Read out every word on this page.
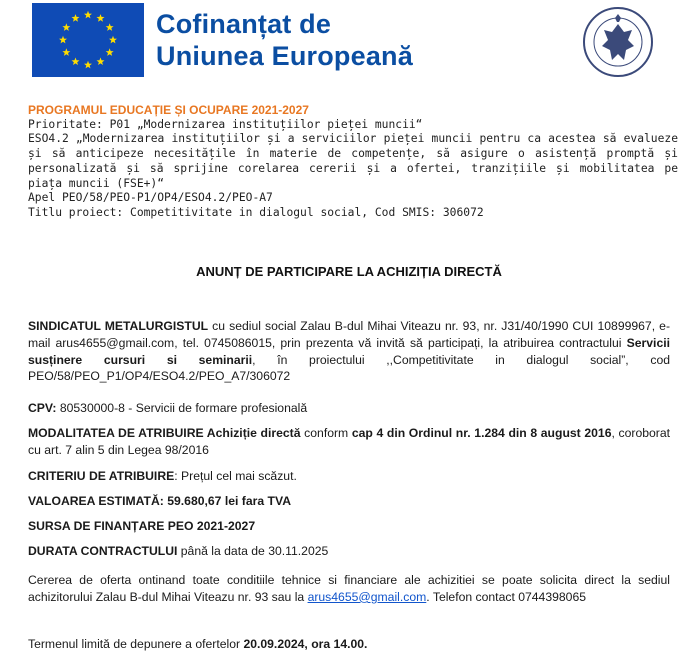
Cofinanțat de
Uniunea Europeană
PROGRAMUL EDUCAȚIE ȘI OCUPARE 2021-2027
Prioritate: P01 „Modernizarea instituțiilor pieței muncii“
ESO4.2 „Modernizarea instituțiilor și a serviciilor pieței muncii pentru ca acestea să evalueze și să anticipeze necesitățile în materie de competențe, să asigure o asistență promptă și personalizată și să sprijine corelarea cererii și a ofertei, tranzițiile și mobilitatea pe piața muncii (FSE+)“
Apel PEO/58/PEO-P1/OP4/ESO4.2/PEO-A7
Titlu proiect: Competitivitate in dialogul social, Cod SMIS: 306072
ANUNȚ DE PARTICIPARE LA ACHIZIȚIA DIRECTĂ
SINDICATUL METALURGISTUL cu sediul social Zalau B-dul Mihai Viteazu nr. 93, nr. J31/40/1990 CUI 10899967, e-mail arus4655@gmail.com, tel. 0745086015, prin prezenta vă invită să participați, la atribuirea contractului Servicii susținere cursuri si seminarii, în proiectului ,,Competitivitate in dialogul social”, cod PEO/58/PEO_P1/OP4/ESO4.2/PEO_A7/306072
CPV: 80530000-8 - Servicii de formare profesională
MODALITATEA DE ATRIBUIRE Achiziție directă conform cap 4 din Ordinul nr. 1.284 din 8 august 2016, coroborat cu art. 7 alin 5 din Legea 98/2016
CRITERIU DE ATRIBUIRE: Prețul cel mai scăzut.
VALOAREA ESTIMATĂ: 59.680,67 lei fara TVA
SURSA DE FINANȚARE PEO 2021-2027
DURATA CONTRACTULUI până la data de 30.11.2025
Cererea de oferta ontinand toate conditiile tehnice si financiare ale achizitiei se poate solicita direct la sediul achizitorului Zalau B-dul Mihai Viteazu nr. 93 sau la arus4655@gmail.com. Telefon contact 0744398065
Termenul limită de depunere a ofertelor 20.09.2024, ora 14.00.
